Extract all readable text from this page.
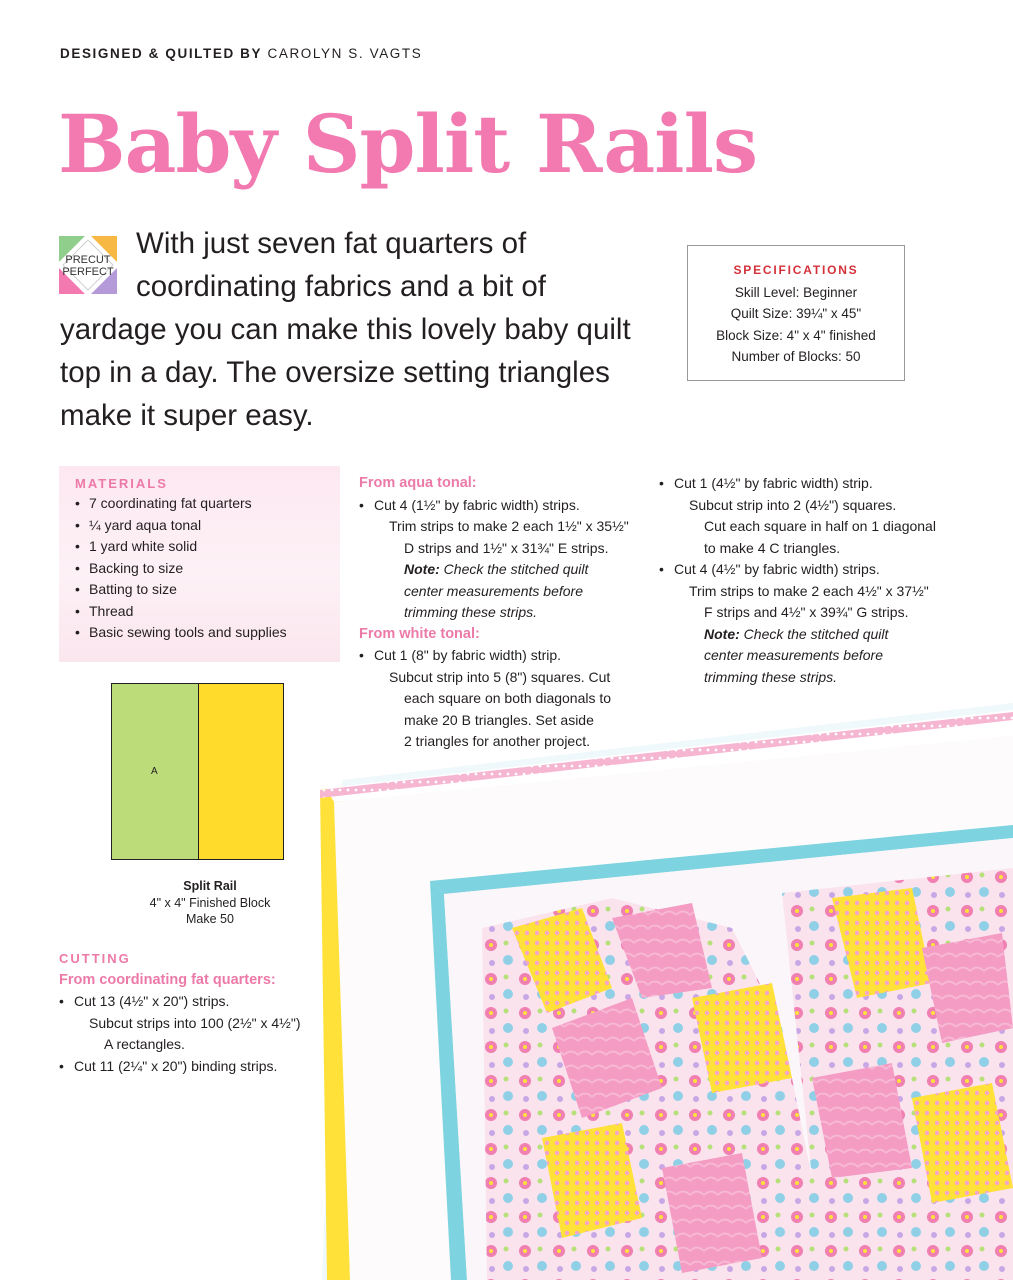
DESIGNED & QUILTED BY CAROLYN S. VAGTS
Baby Split Rails
PRECUT
PERFECT
With just seven fat quarters of coordinating fabrics and a bit of yardage you can make this lovely baby quilt top in a day. The oversize setting triangles make it super easy.
SPECIFICATIONS
Skill Level: Beginner
Quilt Size: 39¼" x 45"
Block Size: 4" x 4" finished
Number of Blocks: 50
MATERIALS
• 7 coordinating fat quarters
• ¼ yard aqua tonal
• 1 yard white solid
• Backing to size
• Batting to size
• Thread
• Basic sewing tools and supplies
From aqua tonal:
• Cut 4 (1½" by fabric width) strips.
Trim strips to make 2 each 1½" x 35½"
D strips and 1½" x 31¾" E strips.
Note: Check the stitched quilt
center measurements before
trimming these strips.
From white tonal:
• Cut 1 (8" by fabric width) strip.
Subcut strip into 5 (8") squares. Cut
each square on both diagonals to
make 20 B triangles. Set aside
2 triangles for another project.
• Cut 1 (4½" by fabric width) strip.
Subcut strip into 2 (4½") squares.
Cut each square in half on 1 diagonal
to make 4 C triangles.
• Cut 4 (4½" by fabric width) strips.
Trim strips to make 2 each 4½" x 37½"
F strips and 4½" x 39¾" G strips.
Note: Check the stitched quilt
center measurements before
trimming these strips.
A
Split Rail
4" x 4" Finished Block
Make 50
CUTTING
From coordinating fat quarters:
• Cut 13 (4½" x 20") strips.
Subcut strips into 100 (2½" x 4½")
A rectangles.
• Cut 11 (2¼" x 20") binding strips.
